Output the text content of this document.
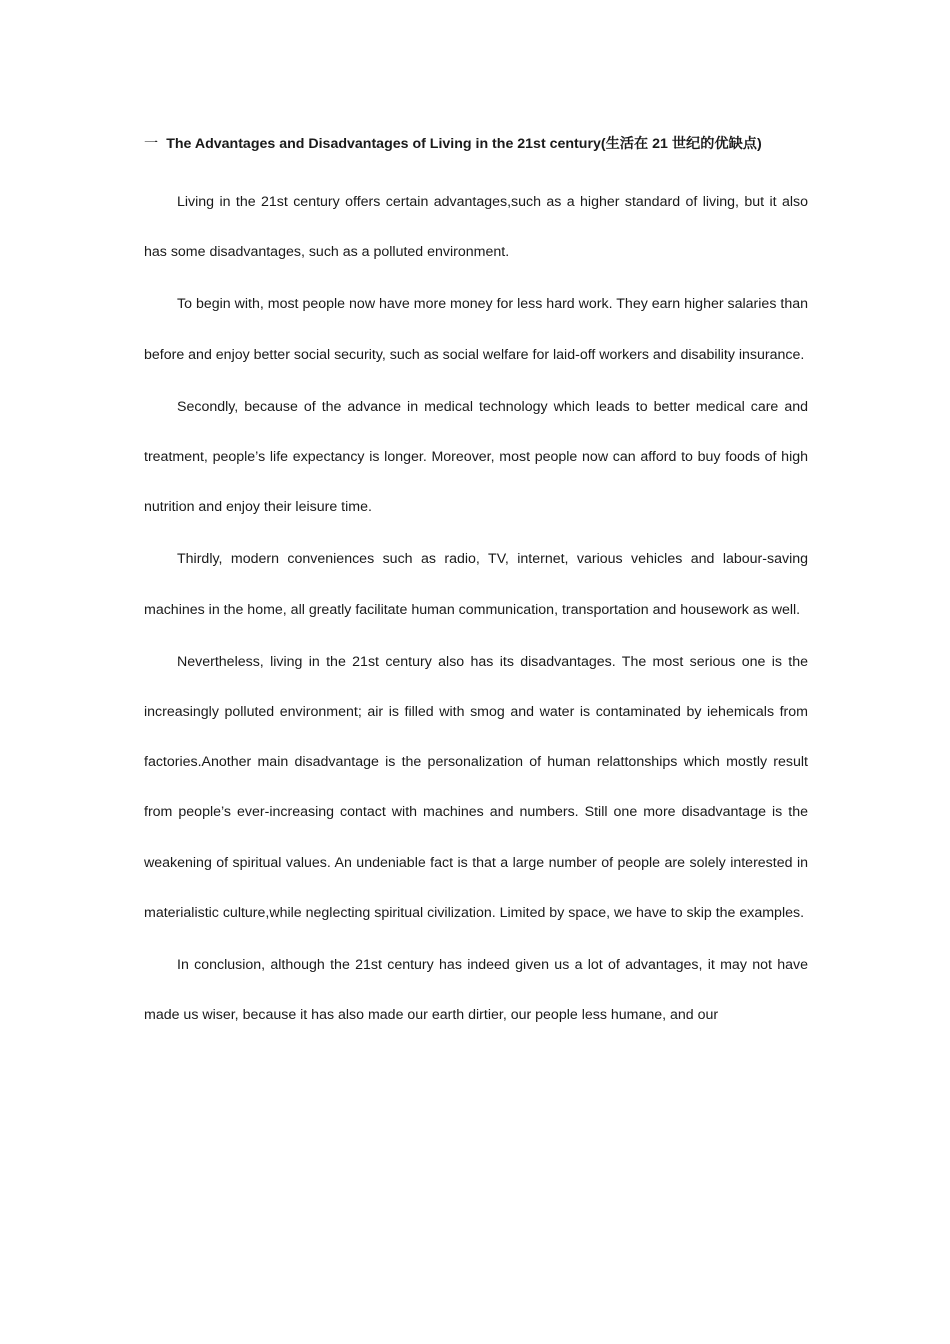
一 The Advantages and Disadvantages of Living in the 21st century(生活在 21 世纪的优缺点)

Living in the 21st century offers certain advantages,such as a higher standard of living, but it also has some disadvantages, such as a polluted environment.

To begin with, most people now have more money for less hard work. They earn higher salaries than before and enjoy better social security, such as social welfare for laid-off workers and disability insurance.

Secondly, because of the advance in medical technology which leads to better medical care and treatment, people’s life expectancy is longer. Moreover, most people now can afford to buy foods of high nutrition and enjoy their leisure time.

Thirdly, modern conveniences such as radio, TV, internet, various vehicles and labour-saving machines in the home, all greatly facilitate human communication, transportation and housework as well.

Nevertheless, living in the 21st century also has its disadvantages. The most serious one is the increasingly polluted environment; air is filled with smog and water is contaminated by iehemicals from factories.Another main disadvantage is the personalization of human relattonships which mostly result from people’s ever-increasing contact with machines and numbers. Still one more disadvantage is the weakening of spiritual values. An undeniable fact is that a large number of people are solely interested in materialistic culture,while neglecting spiritual civilization. Limited by space, we have to skip the examples.

In conclusion, although the 21st century has indeed given us a lot of advantages, it may not have made us wiser, because it has also made our earth dirtier, our people less humane, and our
